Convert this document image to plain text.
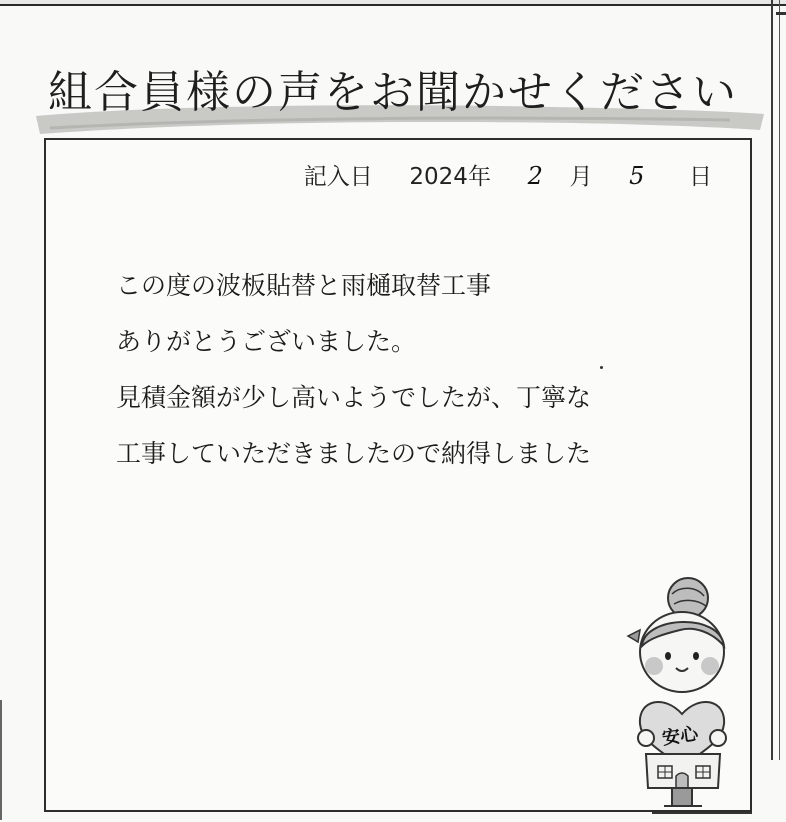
組合員様の声をお聞かせください
記入日 2024年 2 月 5 日
この度の波板貼替と雨樋取替工事
ありがとうございました。
見積金額が少し高いようでしたが、丁寧な
工事していただきましたので納得しました
安心
